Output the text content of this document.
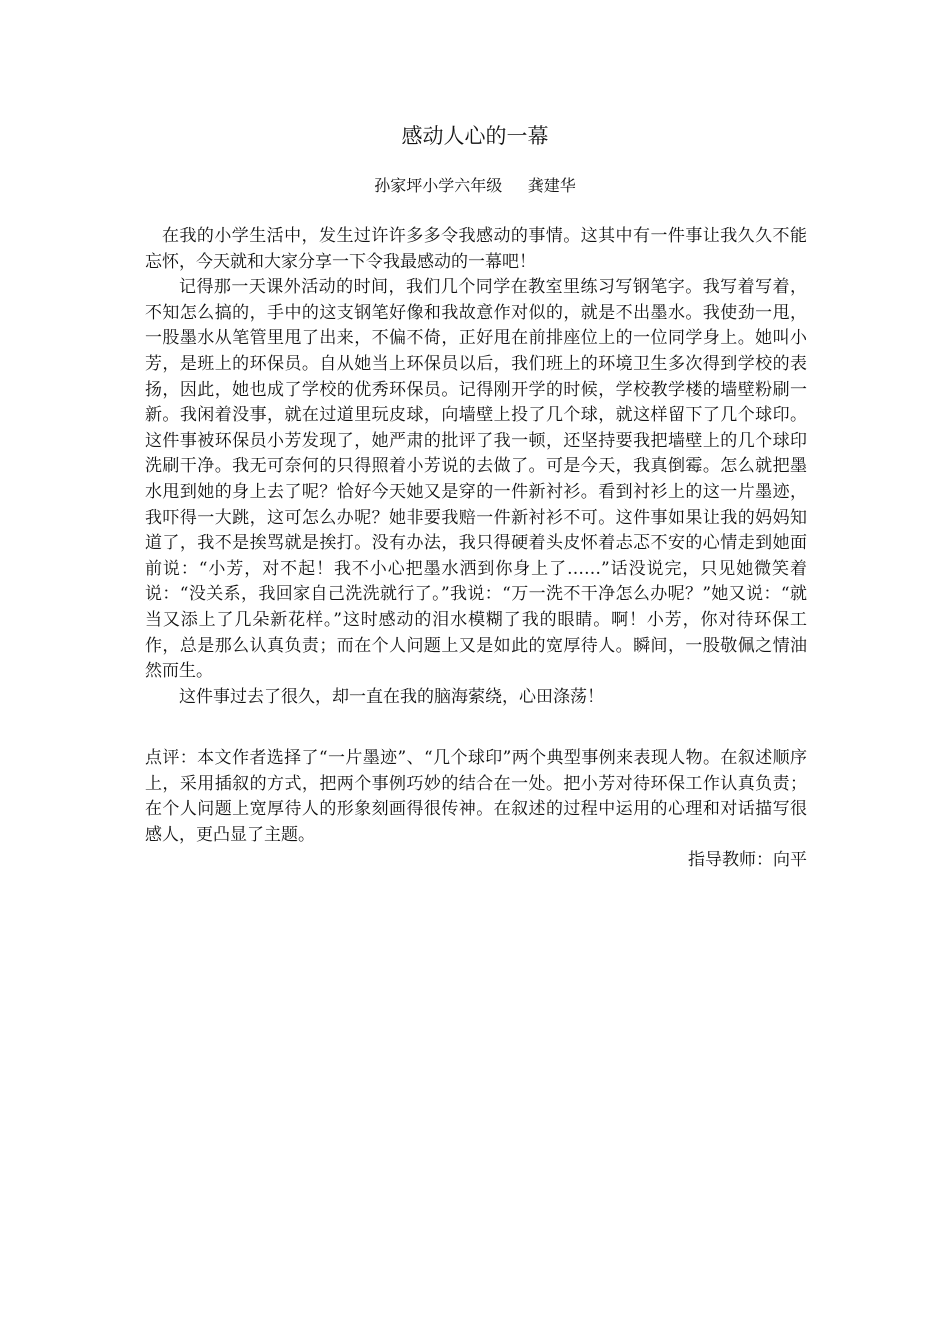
感动人心的一幕
孙家坪小学六年级     龚建华

在我的小学生活中，发生过许许多多令我感动的事情。这其中有一件事让我久久不能忘怀，今天就和大家分享一下令我最感动的一幕吧！

记得那一天课外活动的时间，我们几个同学在教室里练习写钢笔字。我写着写着，不知怎么搞的，手中的这支钢笔好像和我故意作对似的，就是不出墨水。我使劲一甩，一股墨水从笔管里甩了出来，不偏不倚，正好甩在前排座位上的一位同学身上。她叫小芳，是班上的环保员。自从她当上环保员以后，我们班上的环境卫生多次得到学校的表扬，因此，她也成了学校的优秀环保员。记得刚开学的时候，学校教学楼的墙壁粉刷一新。我闲着没事，就在过道里玩皮球，向墙壁上投了几个球，就这样留下了几个球印。这件事被环保员小芳发现了，她严肃的批评了我一顿，还坚持要我把墙壁上的几个球印洗刷干净。我无可奈何的只得照着小芳说的去做了。可是今天，我真倒霉。怎么就把墨水甩到她的身上去了呢？恰好今天她又是穿的一件新衬衫。看到衬衫上的这一片墨迹，我吓得一大跳，这可怎么办呢？她非要我赔一件新衬衫不可。这件事如果让我的妈妈知道了，我不是挨骂就是挨打。没有办法，我只得硬着头皮怀着忐忑不安的心情走到她面前说：“小芳，对不起！我不小心把墨水洒到你身上了……”话没说完，只见她微笑着说：“没关系，我回家自己洗洗就行了。”我说：“万一洗不干净怎么办呢？”她又说：“就当又添上了几朵新花样。”这时感动的泪水模糊了我的眼睛。啊！小芳，你对待环保工作，总是那么认真负责；而在个人问题上又是如此的宽厚待人。瞬间，一股敬佩之情油然而生。

这件事过去了很久，却一直在我的脑海萦绕，心田涤荡！

点评：本文作者选择了“一片墨迹”、“几个球印”两个典型事例来表现人物。在叙述顺序上，采用插叙的方式，把两个事例巧妙的结合在一处。把小芳对待环保工作认真负责；在个人问题上宽厚待人的形象刻画得很传神。在叙述的过程中运用的心理和对话描写很感人，更凸显了主题。

指导教师：向平
